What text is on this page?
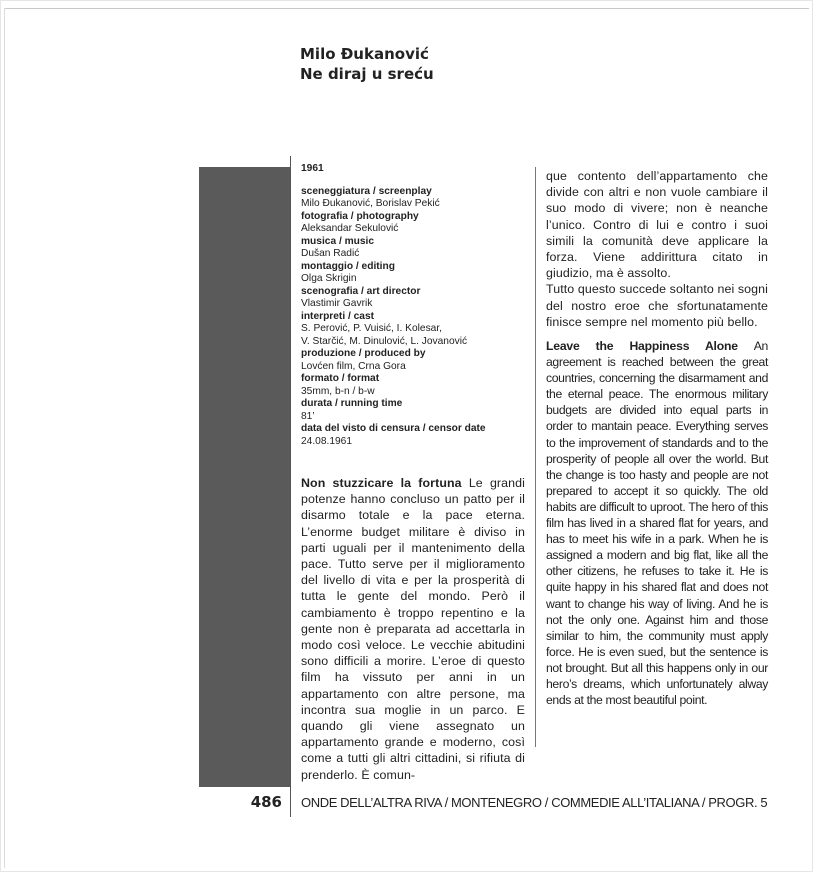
Milo Đukanović
Ne diraj u sreću
1961
sceneggiatura / screenplay
Milo Đukanović, Borislav Pekić
fotografia / photography
Aleksandar Sekulović
musica / music
Dušan Radić
montaggio / editing
Olga Skrigin
scenografia / art director
Vlastimir Gavrik
interpreti / cast
S. Perović, P. Vuisić, I. Kolesar,
V. Starčić, M. Dinulović, L. Jovanović
produzione / produced by
Lovćen film, Crna Gora
formato / format
35mm, b-n / b-w
durata / running time
81’
data del visto di censura / censor date
24.08.1961
Non stuzzicare la fortuna Le grandi potenze hanno concluso un patto per il disarmo totale e la pace eterna. L’enorme budget militare è diviso in parti uguali per il mantenimento della pace. Tutto serve per il miglioramento del livello di vita e per la prosperità di tutta le gente del mondo. Però il cambiamento è troppo repentino e la gente non è preparata ad accettarla in modo così veloce. Le vecchie abitudini sono difficili a morire. L’eroe di questo film ha vissuto per anni in un appartamento con altre persone, ma incontra sua moglie in un parco. E quando gli viene assegnato un appartamento grande e moderno, così come a tutti gli altri cittadini, si rifiuta di prenderlo. È comun-
que contento dell’appartamento che divide con altri e non vuole cambiare il suo modo di vivere; non è neanche l’unico. Contro di lui e contro i suoi simili la comunità deve applicare la forza. Viene addirittura citato in giudizio, ma è assolto.
Tutto questo succede soltanto nei sogni del nostro eroe che sfortunatamente finisce sempre nel momento più bello.
Leave the Happiness Alone An agreement is reached between the great countries, concerning the disarmament and the eternal peace. The enormous military budgets are divided into equal parts in order to mantain peace. Everything serves to the improvement of standards and to the prosperity of people all over the world. But the change is too hasty and people are not prepared to accept it so quickly. The old habits are difficult to uproot. The hero of this film has lived in a shared flat for years, and has to meet his wife in a park. When he is assigned a modern and big flat, like all the other citizens, he refuses to take it. He is quite happy in his shared flat and does not want to change his way of living. And he is not the only one. Against him and those similar to him, the community must apply force. He is even sued, but the sentence is not brought. But all this happens only in our hero’s dreams, which unfortunately alway ends at the most beautiful point.
486 ONDE DELL’ALTRA RIVA / MONTENEGRO / COMMEDIE ALL’ITALIANA / PROGR. 5
